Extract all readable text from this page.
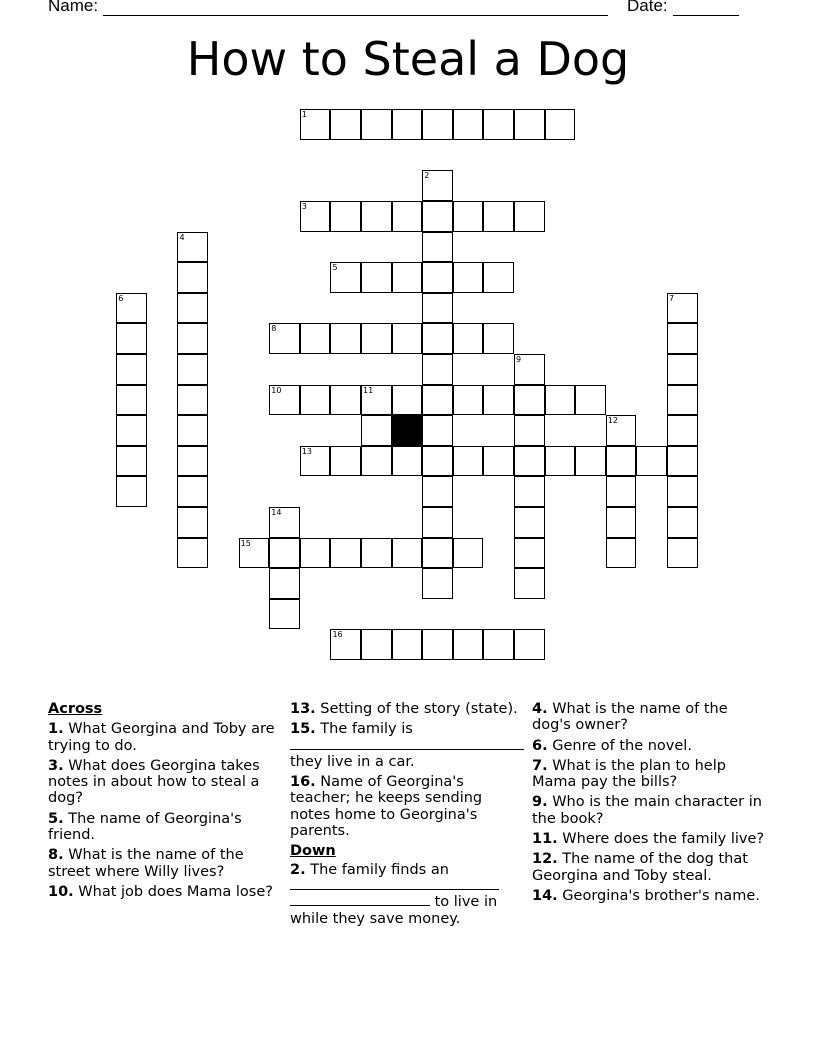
Name:	Date:
How to Steal a Dog
1
2
3
4
5
6	7
8
9
10	11
12
13
14
15
16
Across
1. What Georgina and Toby are trying to do.
3. What does Georgina takes notes in about how to steal a dog?
5. The name of Georgina's friend.
8. What is the name of the street where Willy lives?
10. What job does Mama lose?
13. Setting of the story (state).
15. The family is

they live in a car.
16. Name of Georgina's teacher; he keeps sending notes home to Georgina's parents.
Down
2. The family finds an

to live in while they save money.
4. What is the name of the dog's owner?
6. Genre of the novel.
7. What is the plan to help Mama pay the bills?
9. Who is the main character in the book?
11. Where does the family live?
12. The name of the dog that Georgina and Toby steal.
14. Georgina's brother's name.
